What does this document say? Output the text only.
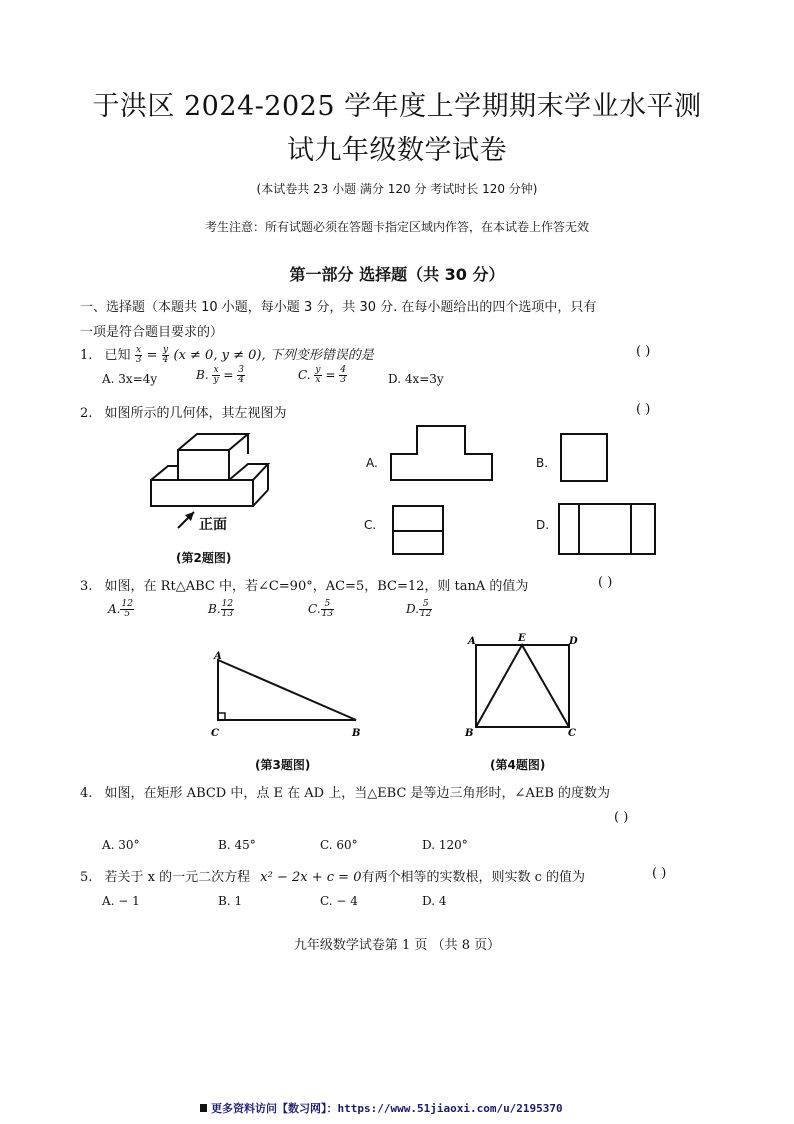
于洪区 2024-2025 学年度上学期期末学业水平测
试九年级数学试卷
(本试卷共 23 小题 满分 120 分 考试时长 120 分钟)
考生注意：所有试题必须在答题卡指定区域内作答，在本试卷上作答无效
第一部分 选择题（共 30 分）
一、选择题（本题共 10 小题，每小题 3 分，共 30 分. 在每小题给出的四个选项中，只有
一项是符合题目要求的）
1. 已知 $\frac{x}{3} = \frac{y}{4} (x \ne 0$, y ≠ 0), 下列变形错误的是	( )
A. 3x=4y	B. $\frac{x}{y} = \frac{3}{4}$	C. $\frac{y}{x} = \frac{4}{3}$	D. 4x=3y
2. 如图所示的几何体，其左视图为	( )
正面
(第2题图)
A.	B.
C.	D.
3. 如图，在 Rt△ABC 中，若∠C=90°，AC=5，BC=12，则 tanA 的值为	( )
A. $\frac{12}{5}$	B. $\frac{12}{13}$	C. $\frac{5}{13}$	D. $\frac{5}{12}$
A
C	B
(第3题图)
A	E	D
B	C
(第4题图)
4. 如图，在矩形 ABCD 中，点 E 在 AD 上，当△EBC 是等边三角形时，∠AEB 的度数为
( )
A. 30°	B. 45°	C. 60°	D. 120°
5. 若关于 x 的一元二次方程 x² − 2x + c = 0有两个相等的实数根，则实数 c 的值为	( )
A. − 1	B. 1	C. − 4	D. 4
九年级数学试卷第 1 页 （共 8 页）
更多资料访问【数习网】：https://www.51jiaoxi.com/u/2195370
